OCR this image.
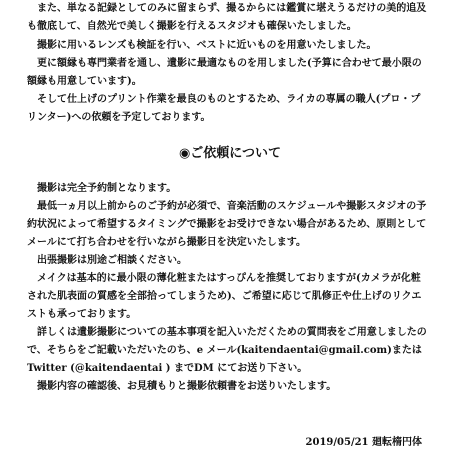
また、単なる記録としてのみに留まらず、撮るからには鑑賞に堪えうるだけの美的追及
も徹底して、自然光で美しく撮影を行えるスタジオも確保いたしました。
撮影に用いるレンズも検証を行い、ベストに近いものを用意いたしました。
更に額縁も専門業者を通し、遺影に最適なものを用しました(予算に合わせて最小限の
額縁も用意しています)。
そして仕上げのプリント作業を最良のものとするため、ライカの専属の職人(プロ・プ
リンター)への依頼を予定しております。
◉ご依頼について
撮影は完全予約制となります。
最低一ヵ月以上前からのご予約が必須で、音楽活動のスケジュールや撮影スタジオの予
約状況によって希望するタイミングで撮影をお受けできない場合があるため、原則として
メールにて打ち合わせを行いながら撮影日を決定いたします。
出張撮影は別途ご相談ください。
メイクは基本的に最小限の薄化粧またはすっぴんを推奨しておりますが(カメラが化粧
された肌表面の質感を全部拾ってしまうため)、ご希望に応じて肌修正や仕上げのリクエ
ストも承っております。
詳しくは遺影撮影についての基本事項を記入いただくための質問表をご用意しましたの
で、そちらをご記載いただいたのち、e メール(kaitendaentai@gmail.com)または
Twitter (@kaitendaentai ) までDM にてお送り下さい。
撮影内容の確認後、お見積もりと撮影依頼書をお送りいたします。
2019/05/21 廻転楕円体
